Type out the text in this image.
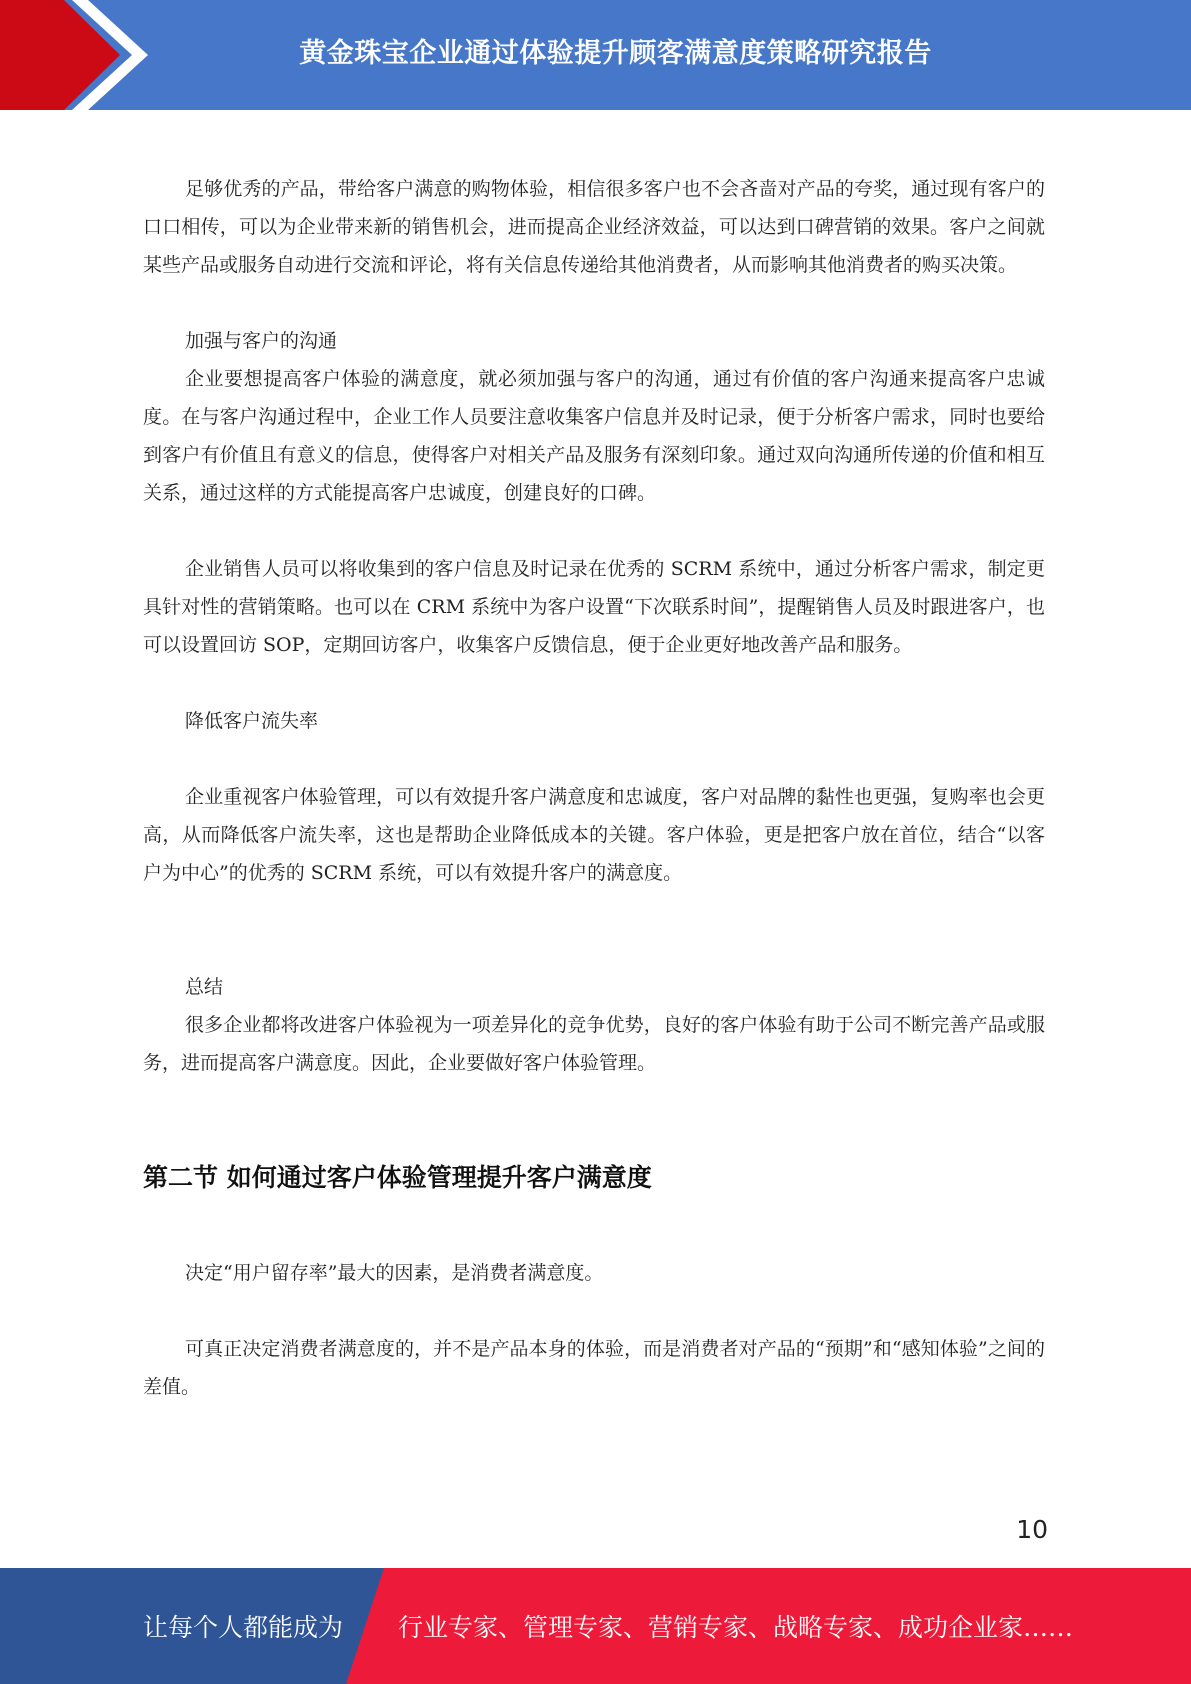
黄金珠宝企业通过体验提升顾客满意度策略研究报告

足够优秀的产品，带给客户满意的购物体验，相信很多客户也不会吝啬对产品的夸奖，通过现有客户的口口相传，可以为企业带来新的销售机会，进而提高企业经济效益，可以达到口碑营销的效果。客户之间就某些产品或服务自动进行交流和评论，将有关信息传递给其他消费者，从而影响其他消费者的购买决策。

加强与客户的沟通

企业要想提高客户体验的满意度，就必须加强与客户的沟通，通过有价值的客户沟通来提高客户忠诚度。在与客户沟通过程中，企业工作人员要注意收集客户信息并及时记录，便于分析客户需求，同时也要给到客户有价值且有意义的信息，使得客户对相关产品及服务有深刻印象。通过双向沟通所传递的价值和相互关系，通过这样的方式能提高客户忠诚度，创建良好的口碑。

企业销售人员可以将收集到的客户信息及时记录在优秀的 SCRM 系统中，通过分析客户需求，制定更具针对性的营销策略。也可以在 CRM 系统中为客户设置“下次联系时间”，提醒销售人员及时跟进客户，也可以设置回访 SOP，定期回访客户，收集客户反馈信息，便于企业更好地改善产品和服务。

降低客户流失率

企业重视客户体验管理，可以有效提升客户满意度和忠诚度，客户对品牌的黏性也更强，复购率也会更高，从而降低客户流失率，这也是帮助企业降低成本的关键。客户体验，更是把客户放在首位，结合“以客户为中心”的优秀的 SCRM 系统，可以有效提升客户的满意度。

总结

很多企业都将改进客户体验视为一项差异化的竞争优势，良好的客户体验有助于公司不断完善产品或服务，进而提高客户满意度。因此，企业要做好客户体验管理。

第二节 如何通过客户体验管理提升客户满意度

决定“用户留存率”最大的因素，是消费者满意度。

可真正决定消费者满意度的，并不是产品本身的体验，而是消费者对产品的“预期”和“感知体验”之间的差值。

10
让每个人都能成为 行业专家、管理专家、营销专家、战略专家、成功企业家……
